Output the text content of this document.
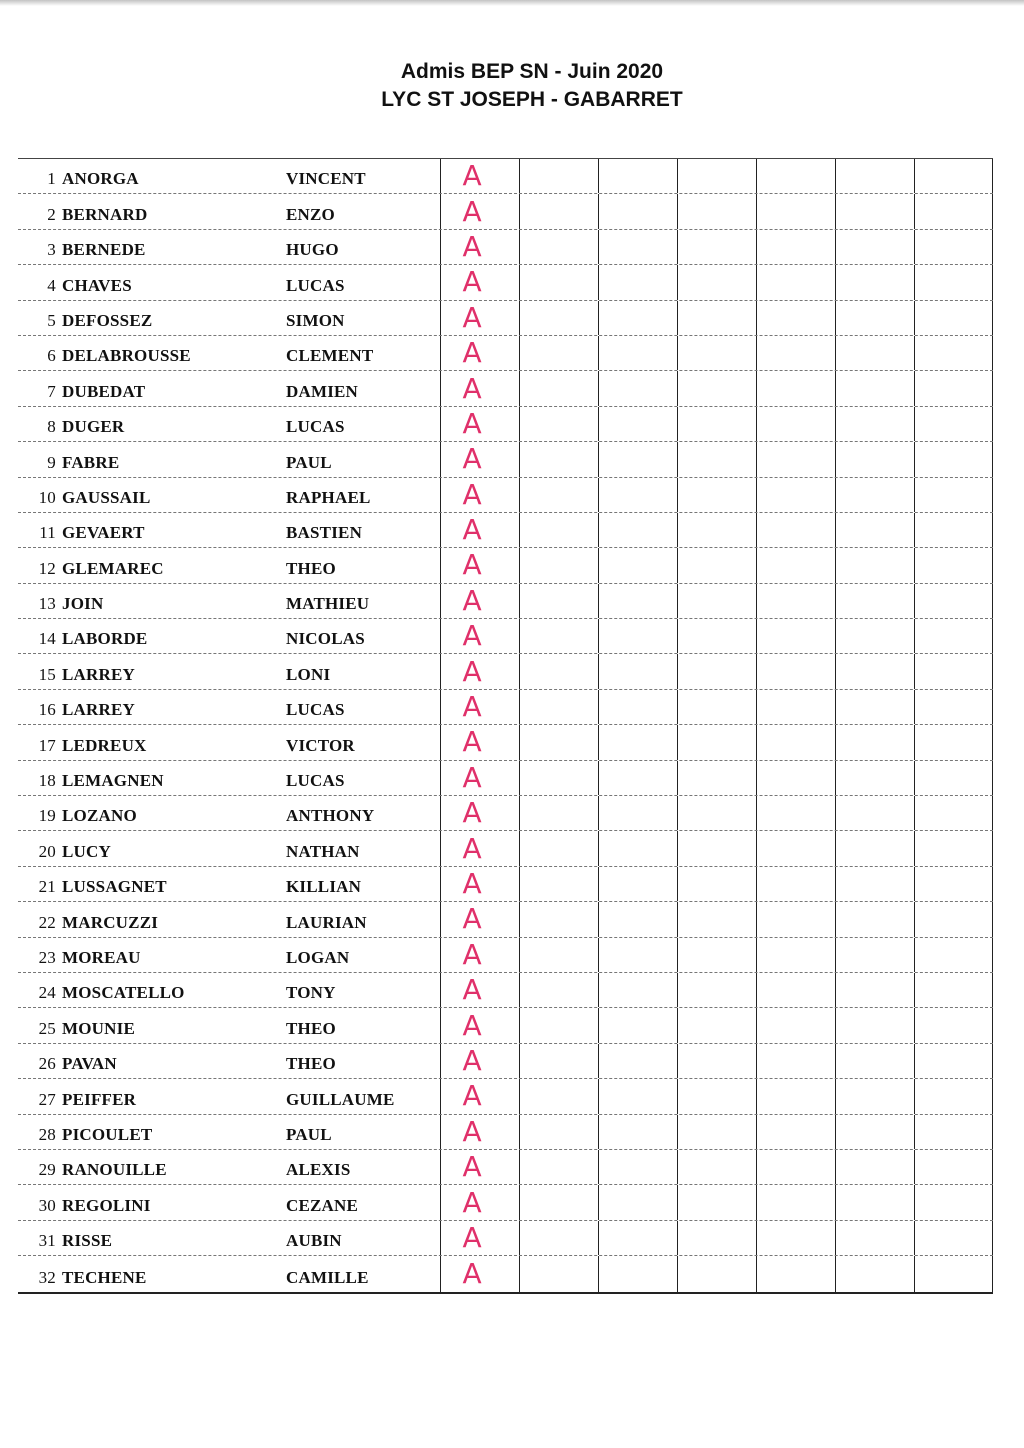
Admis BEP SN - Juin 2020
LYC ST JOSEPH - GABARRET
1 ANORGA	VINCENT	A
2 BERNARD	ENZO	A
3 BERNEDE	HUGO	A
4 CHAVES	LUCAS	A
5 DEFOSSEZ	SIMON	A
6 DELABROUSSE	CLEMENT	A
7 DUBEDAT	DAMIEN	A
8 DUGER	LUCAS	A
9 FABRE	PAUL	A
10 GAUSSAIL	RAPHAEL	A
11 GEVAERT	BASTIEN	A
12 GLEMAREC	THEO	A
13 JOIN	MATHIEU	A
14 LABORDE	NICOLAS	A
15 LARREY	LONI	A
16 LARREY	LUCAS	A
17 LEDREUX	VICTOR	A
18 LEMAGNEN	LUCAS	A
19 LOZANO	ANTHONY	A
20 LUCY	NATHAN	A
21 LUSSAGNET	KILLIAN	A
22 MARCUZZI	LAURIAN	A
23 MOREAU	LOGAN	A
24 MOSCATELLO	TONY	A
25 MOUNIE	THEO	A
26 PAVAN	THEO	A
27 PEIFFER	GUILLAUME	A
28 PICOULET	PAUL	A
29 RANOUILLE	ALEXIS	A
30 REGOLINI	CEZANE	A
31 RISSE	AUBIN	A
32 TECHENE	CAMILLE	A
